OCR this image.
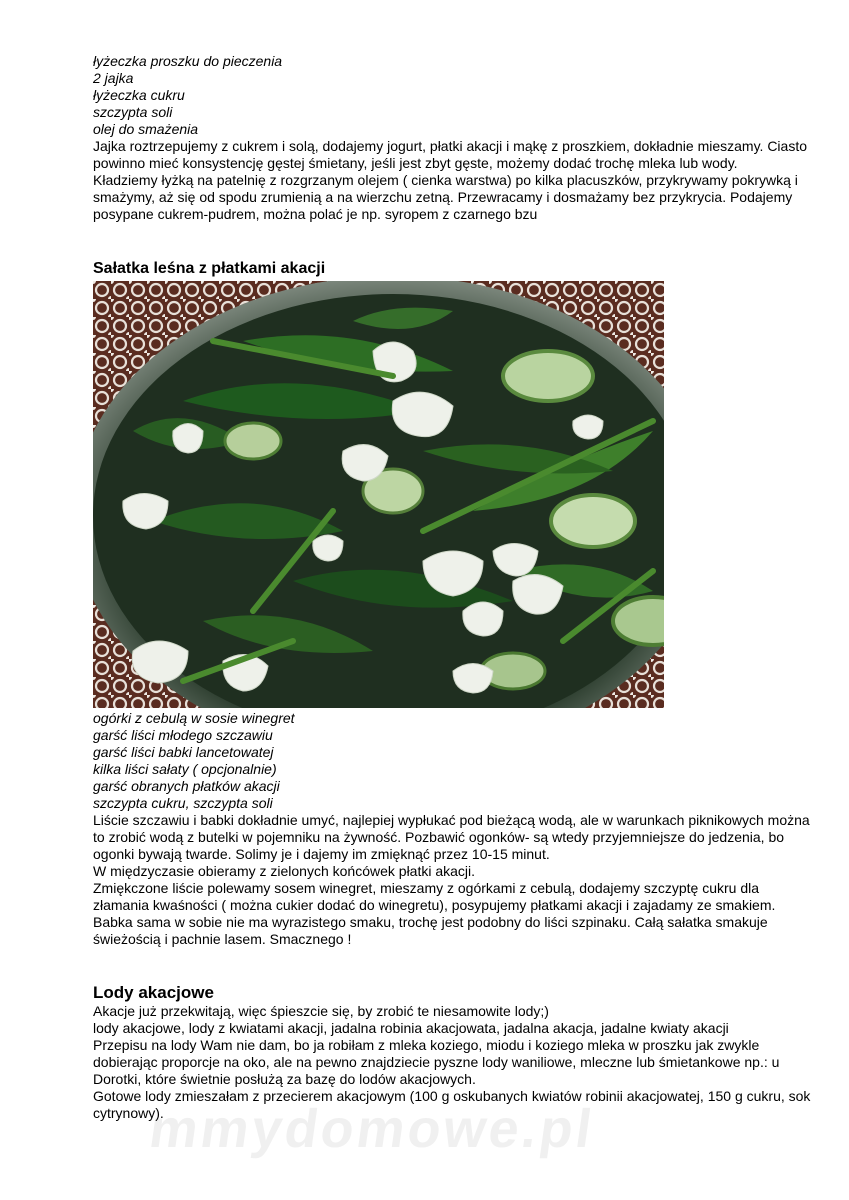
mmydomowe.pl
łyżeczka proszku do pieczenia
2 jajka
łyżeczka cukru
szczypta soli
olej do smażenia
Jajka roztrzepujemy z cukrem i solą, dodajemy jogurt, płatki akacji i mąkę z proszkiem, dokładnie mieszamy. Ciasto powinno mieć konsystencję gęstej śmietany, jeśli jest zbyt gęste, możemy dodać trochę mleka lub wody.
Kładziemy łyżką na patelnię z rozgrzanym olejem ( cienka warstwa) po kilka placuszków, przykrywamy pokrywką i smażymy, aż się od spodu zrumienią a na wierzchu zetną. Przewracamy i dosmażamy bez przykrycia. Podajemy posypane cukrem-pudrem, można polać je np. syropem z czarnego bzu
Sałatka leśna z płatkami akacji
ogórki z cebulą w sosie winegret
garść liści młodego szczawiu
garść liści babki lancetowatej
kilka liści sałaty ( opcjonalnie)
garść obranych płatków akacji
szczypta cukru, szczypta soli
Liście szczawiu i babki dokładnie umyć, najlepiej wypłukać pod bieżącą wodą, ale w warunkach piknikowych można to zrobić wodą z butelki w pojemniku na żywność. Pozbawić ogonków- są wtedy przyjemniejsze do jedzenia, bo ogonki bywają twarde. Solimy je i dajemy im zmięknąć przez 10-15 minut.
W międzyczasie obieramy z zielonych końcówek płatki akacji.
Zmiękczone liście polewamy sosem winegret, mieszamy z ogórkami z cebulą, dodajemy szczyptę cukru dla złamania kwaśności ( można cukier dodać do winegretu), posypujemy płatkami akacji i zajadamy ze smakiem. Babka sama w sobie nie ma wyrazistego smaku, trochę jest podobny do liści szpinaku. Całą sałatka smakuje świeżością i pachnie lasem. Smacznego !
Lody akacjowe
Akacje już przekwitają, więc śpieszcie się, by zrobić te niesamowite lody;)
lody akacjowe, lody z kwiatami akacji, jadalna robinia akacjowata, jadalna akacja, jadalne kwiaty akacji
Przepisu na lody Wam nie dam, bo ja robiłam z mleka koziego, miodu i koziego mleka w proszku jak zwykle dobierając proporcje na oko, ale na pewno znajdziecie pyszne lody waniliowe, mleczne lub śmietankowe np.: u Dorotki, które świetnie posłużą za bazę do lodów akacjowych.
Gotowe lody zmieszałam z przecierem akacjowym (100 g oskubanych kwiatów robinii akacjowatej, 150 g cukru, sok cytrynowy).
